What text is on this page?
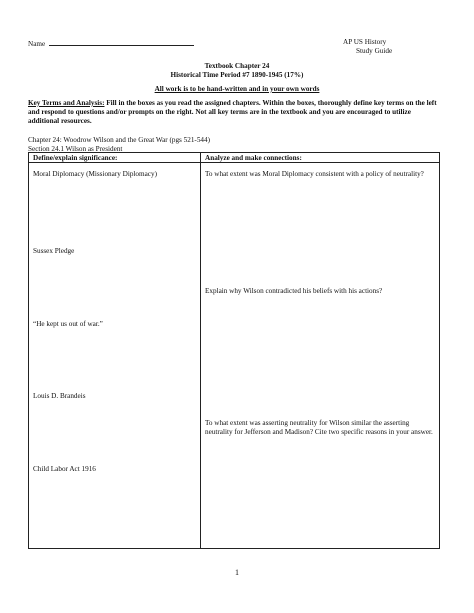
Name	AP US History
Study Guide
Textbook Chapter 24
Historical Time Period #7 1890-1945 (17%)
All work is to be hand-written and in your own words
Key Terms and Analysis: Fill in the boxes as you read the assigned chapters. Within the boxes, thoroughly define key terms on the left and respond to questions and/or prompts on the right. Not all key terms are in the textbook and you are encouraged to utilize additional resources.
Chapter 24: Woodrow Wilson and the Great War (pgs 521-544)
Section 24.1 Wilson as President
Define/explain significance:	Analyze and make connections:
Moral Diplomacy (Missionary Diplomacy)
Sussex Pledge
“He kept us out of war.”
Louis D. Brandeis
Child Labor Act 1916
To what extent was Moral Diplomacy consistent with a policy of neutrality?
Explain why Wilson contradicted his beliefs with his actions?
To what extent was asserting neutrality for Wilson similar the asserting neutrality for Jefferson and Madison? Cite two specific reasons in your answer.
1
